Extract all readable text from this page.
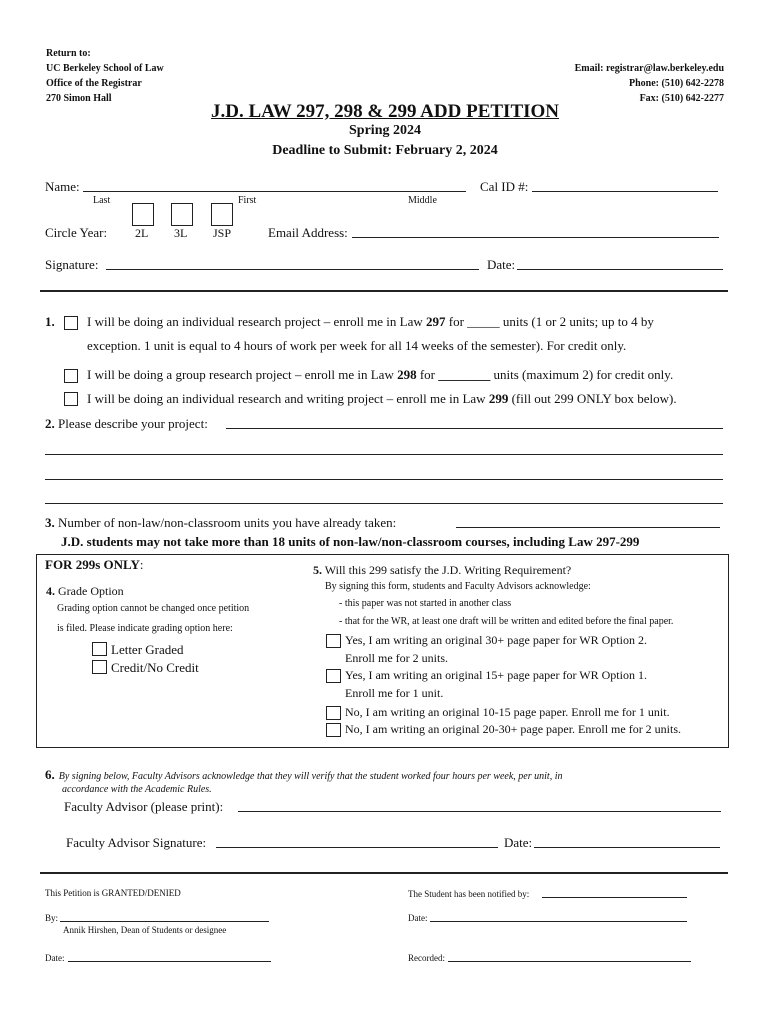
Return to:
UC Berkeley School of Law
Office of the Registrar
270 Simon Hall
Email: registrar@law.berkeley.edu
Phone: (510) 642-2278
Fax: (510) 642-2277
J.D. LAW 297, 298 & 299 ADD PETITION
Spring 2024
Deadline to Submit: February 2, 2024
Name:
Last	First	Middle
Cal ID #:
Circle Year: 2L 3L JSP	Email Address:
Signature:	Date:
1. I will be doing an individual research project – enroll me in Law 297 for _____ units (1 or 2 units; up to 4 by
exception. 1 unit is equal to 4 hours of work per week for all 14 weeks of the semester). For credit only.
I will be doing a group research project – enroll me in Law 298 for ________ units (maximum 2) for credit only.
I will be doing an individual research and writing project – enroll me in Law 299 (fill out 299 ONLY box below).
2. Please describe your project:
3. Number of non-law/non-classroom units you have already taken:
J.D. students may not take more than 18 units of non-law/non-classroom courses, including Law 297-299
FOR 299s ONLY:
4. Grade Option
Grading option cannot be changed once petition
is filed. Please indicate grading option here:
Letter Graded
Credit/No Credit
5. Will this 299 satisfy the J.D. Writing Requirement?
By signing this form, students and Faculty Advisors acknowledge:
- this paper was not started in another class
- that for the WR, at least one draft will be written and edited before the final paper.
Yes, I am writing an original 30+ page paper for WR Option 2.
Enroll me for 2 units.
Yes, I am writing an original 15+ page paper for WR Option 1.
Enroll me for 1 unit.
No, I am writing an original 10-15 page paper. Enroll me for 1 unit.
No, I am writing an original 20-30+ page paper. Enroll me for 2 units.
6. By signing below, Faculty Advisors acknowledge that they will verify that the student worked four hours per week, per unit, in
accordance with the Academic Rules.
Faculty Advisor (please print):
Faculty Advisor Signature:	Date:
This Petition is GRANTED/DENIED	The Student has been notified by:
By:
Annik Hirshen, Dean of Students or designee
Date:
Date:	Recorded:
